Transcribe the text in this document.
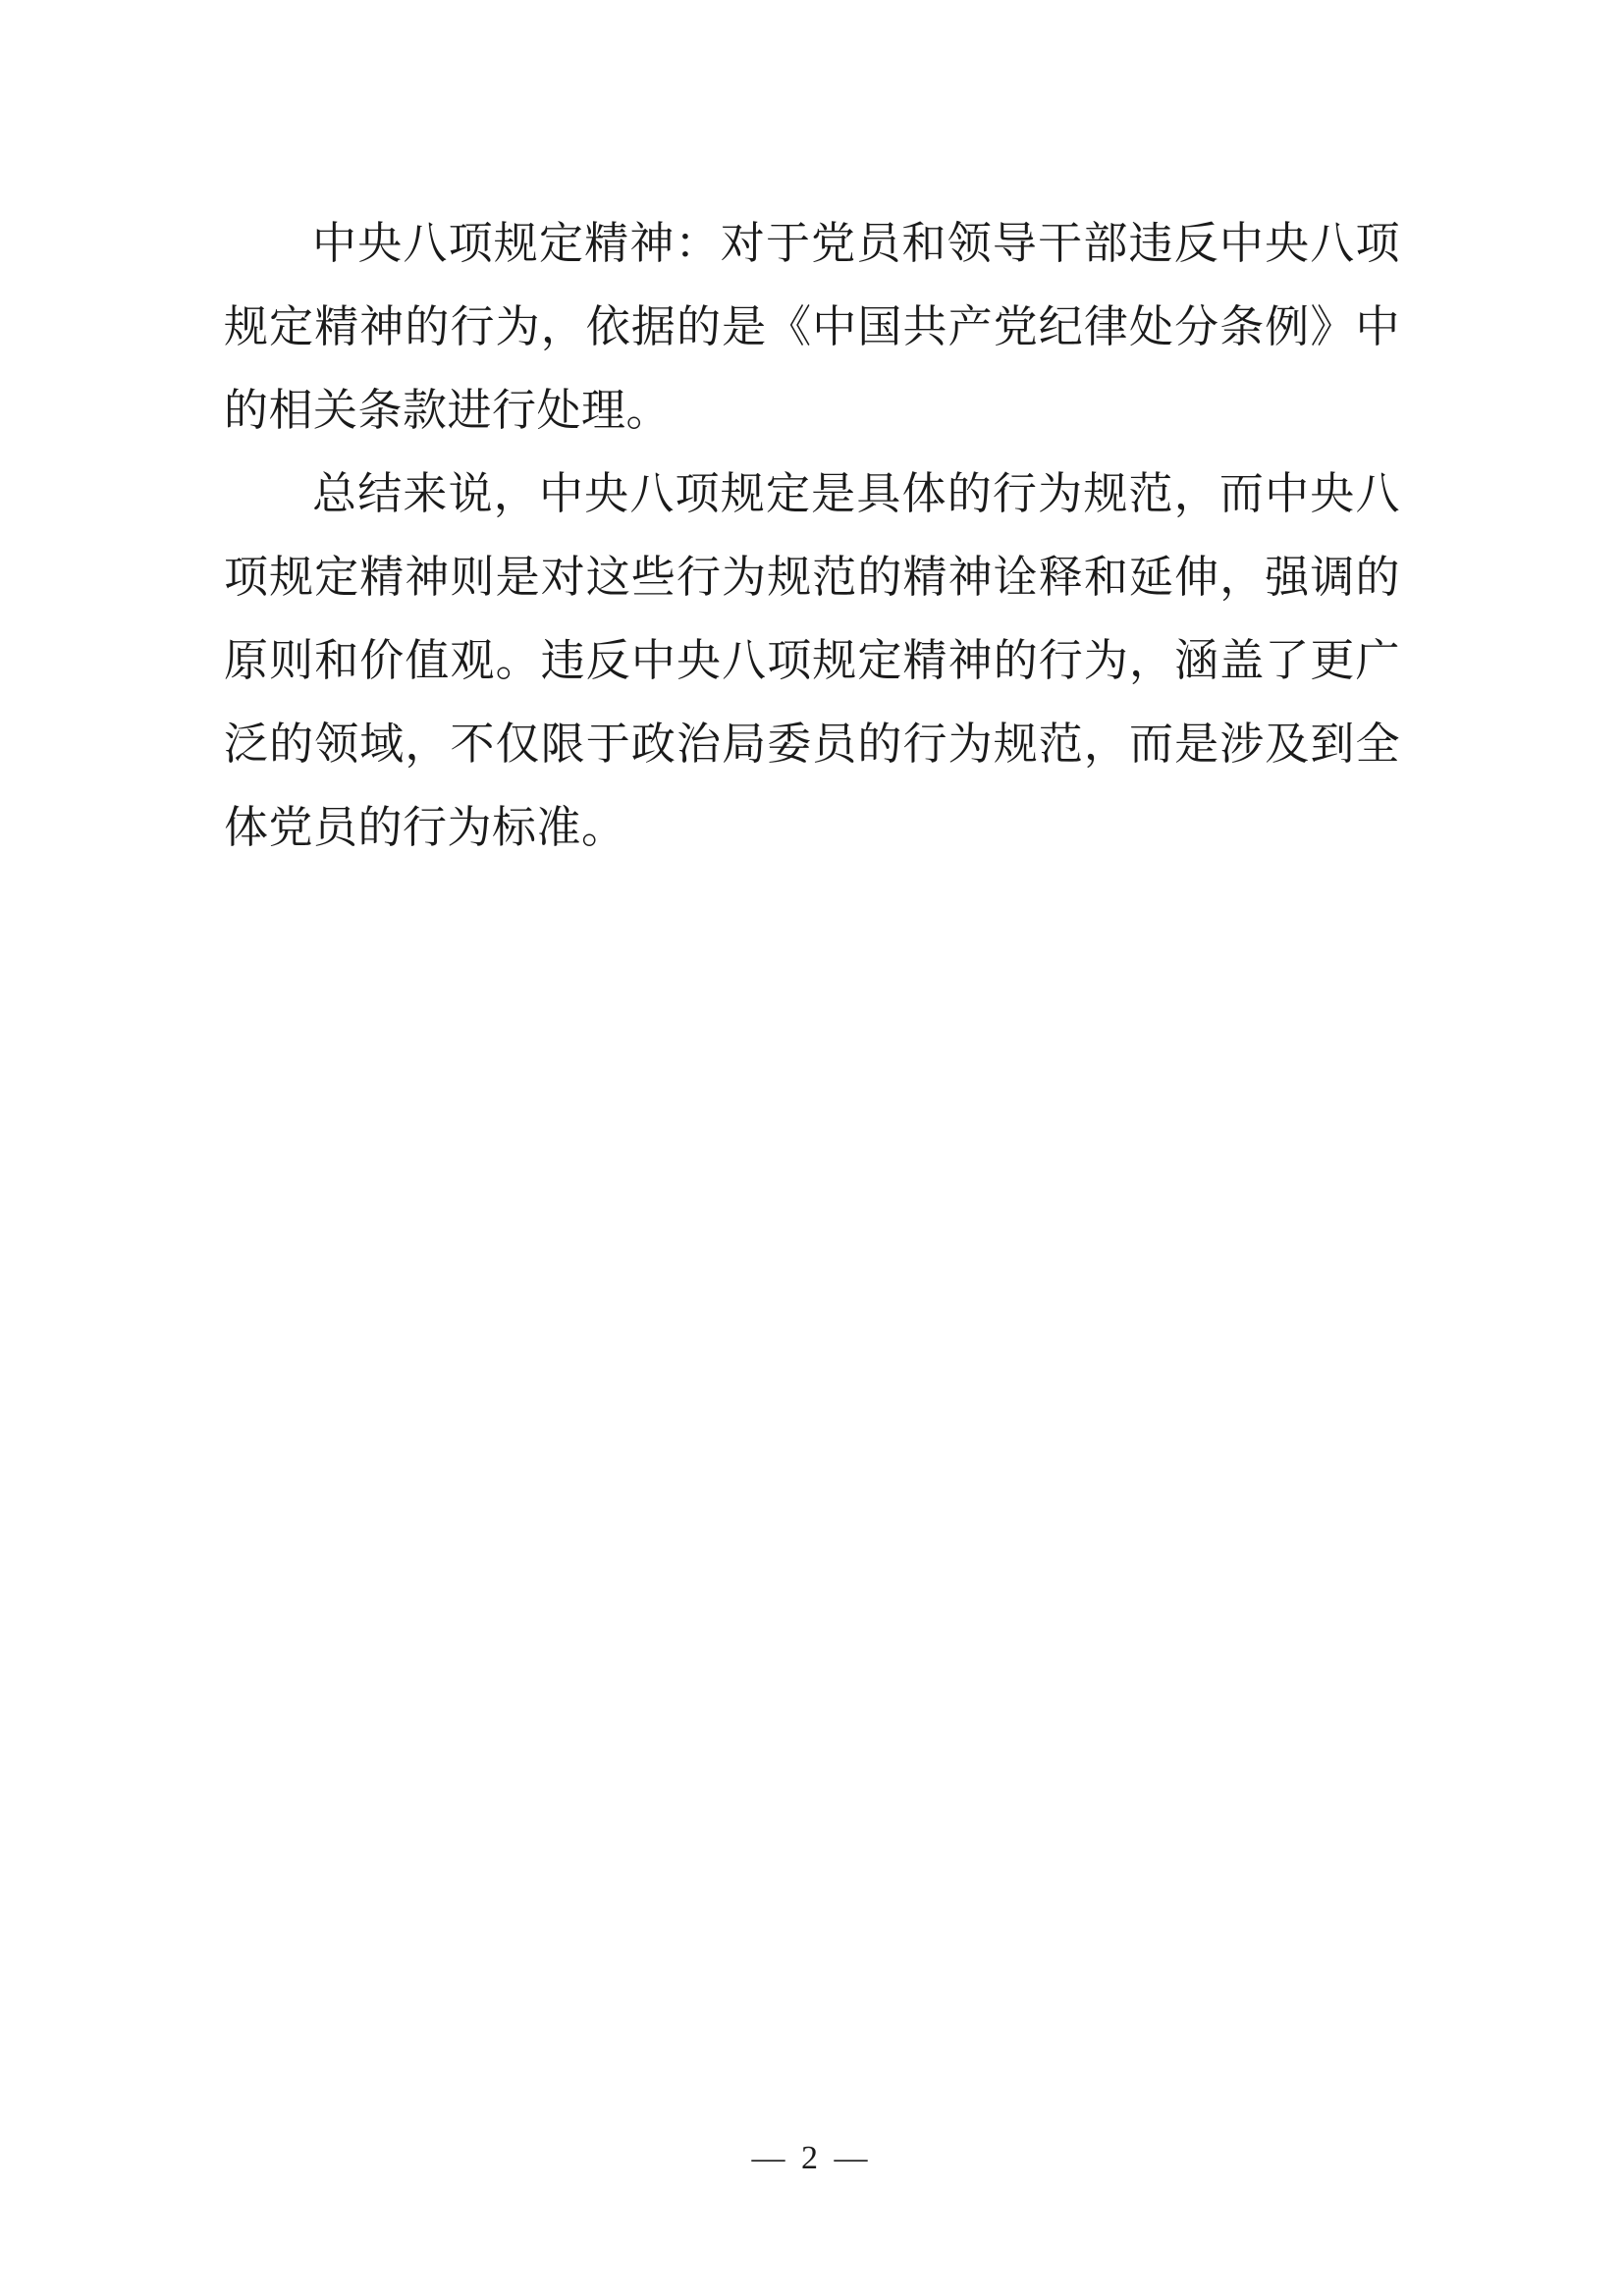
中央八项规定精神：对于党员和领导干部违反中央八项规定精神的行为，依据的是《中国共产党纪律处分条例》中的相关条款进行处理。

总结来说，中央八项规定是具体的行为规范，而中央八项规定精神则是对这些行为规范的精神诠释和延伸，强调的原则和价值观。违反中央八项规定精神的行为，涵盖了更广泛的领域，不仅限于政治局委员的行为规范，而是涉及到全体党员的行为标准。

— 2 —
